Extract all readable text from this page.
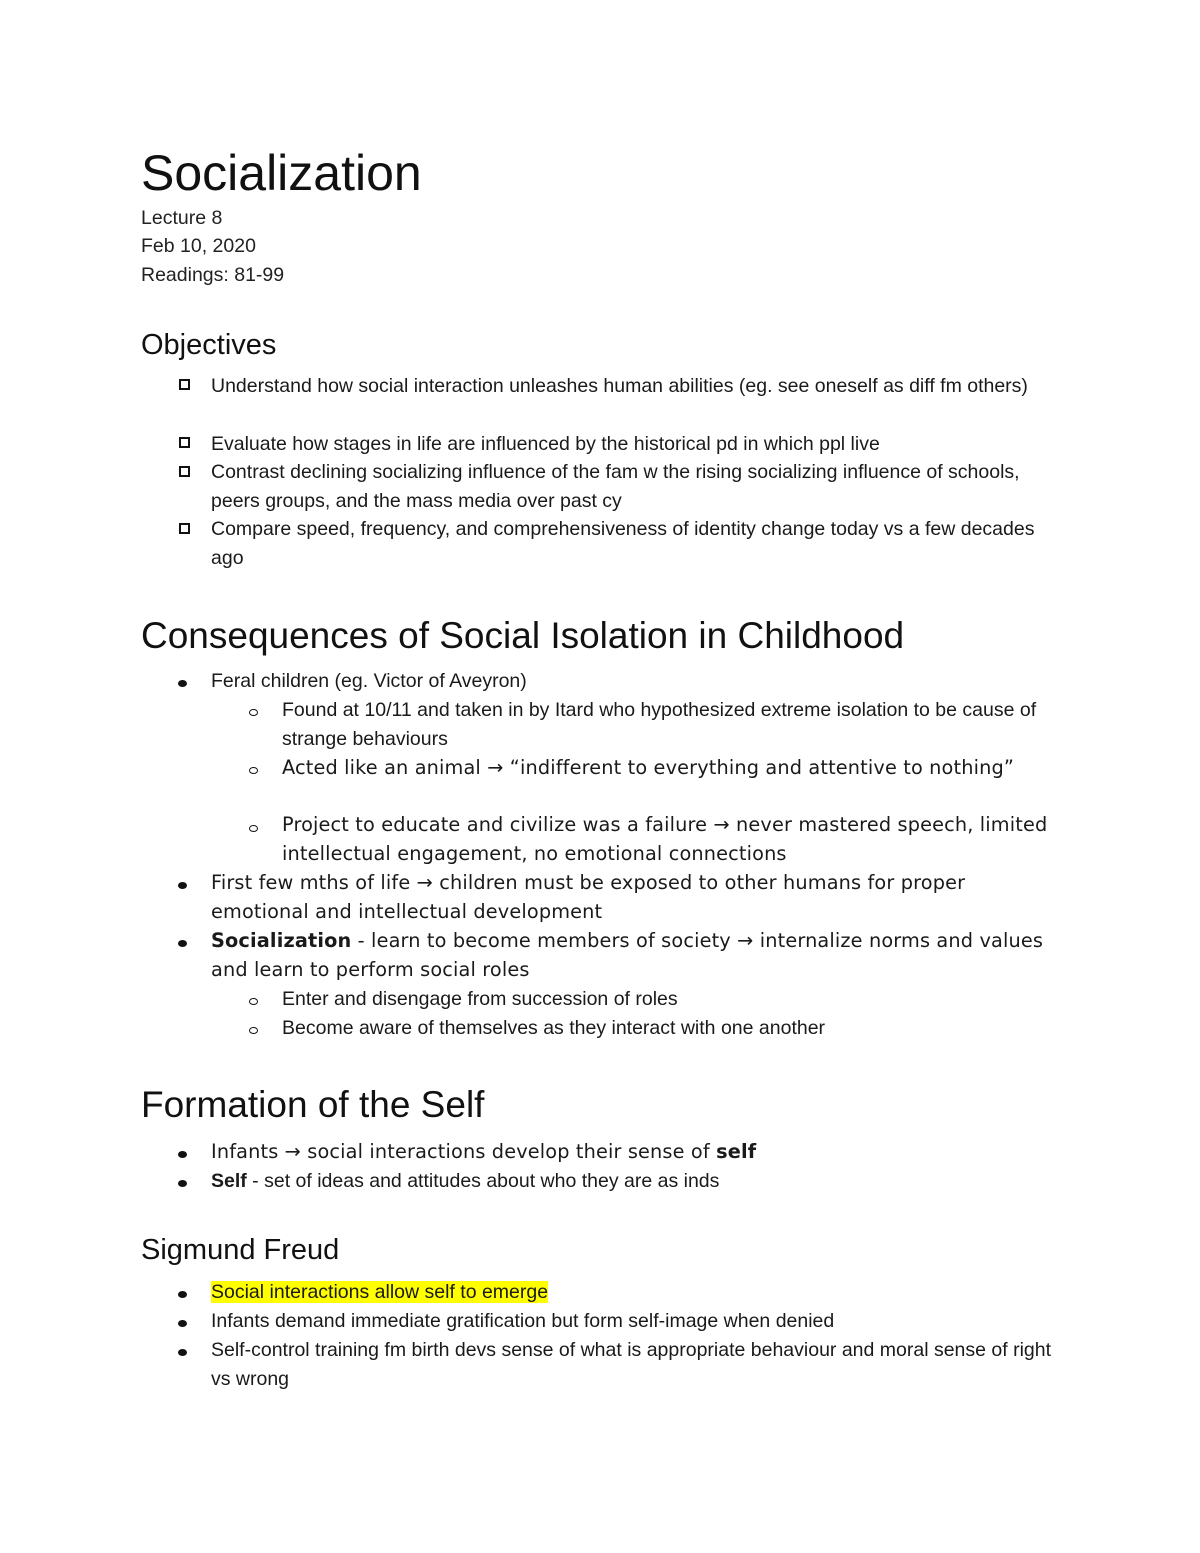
Socialization
Lecture 8
Feb 10, 2020
Readings: 81-99
Objectives
Understand how social interaction unleashes human abilities (eg. see oneself as diff fm others)
Evaluate how stages in life are influenced by the historical pd in which ppl live
Contrast declining socializing influence of the fam w the rising socializing influence of schools, peers groups, and the mass media over past cy
Compare speed, frequency, and comprehensiveness of identity change today vs a few decades ago
Consequences of Social Isolation in Childhood
Feral children (eg. Victor of Aveyron)
Found at 10/11 and taken in by Itard who hypothesized extreme isolation to be cause of strange behaviours
Acted like an animal → “indifferent to everything and attentive to nothing”
Project to educate and civilize was a failure → never mastered speech, limited intellectual engagement, no emotional connections
First few mths of life → children must be exposed to other humans for proper emotional and intellectual development
Socialization - learn to become members of society → internalize norms and values and learn to perform social roles
Enter and disengage from succession of roles
Become aware of themselves as they interact with one another
Formation of the Self
Infants → social interactions develop their sense of self
Self - set of ideas and attitudes about who they are as inds
Sigmund Freud
Social interactions allow self to emerge
Infants demand immediate gratification but form self-image when denied
Self-control training fm birth devs sense of what is appropriate behaviour and moral sense of right vs wrong
